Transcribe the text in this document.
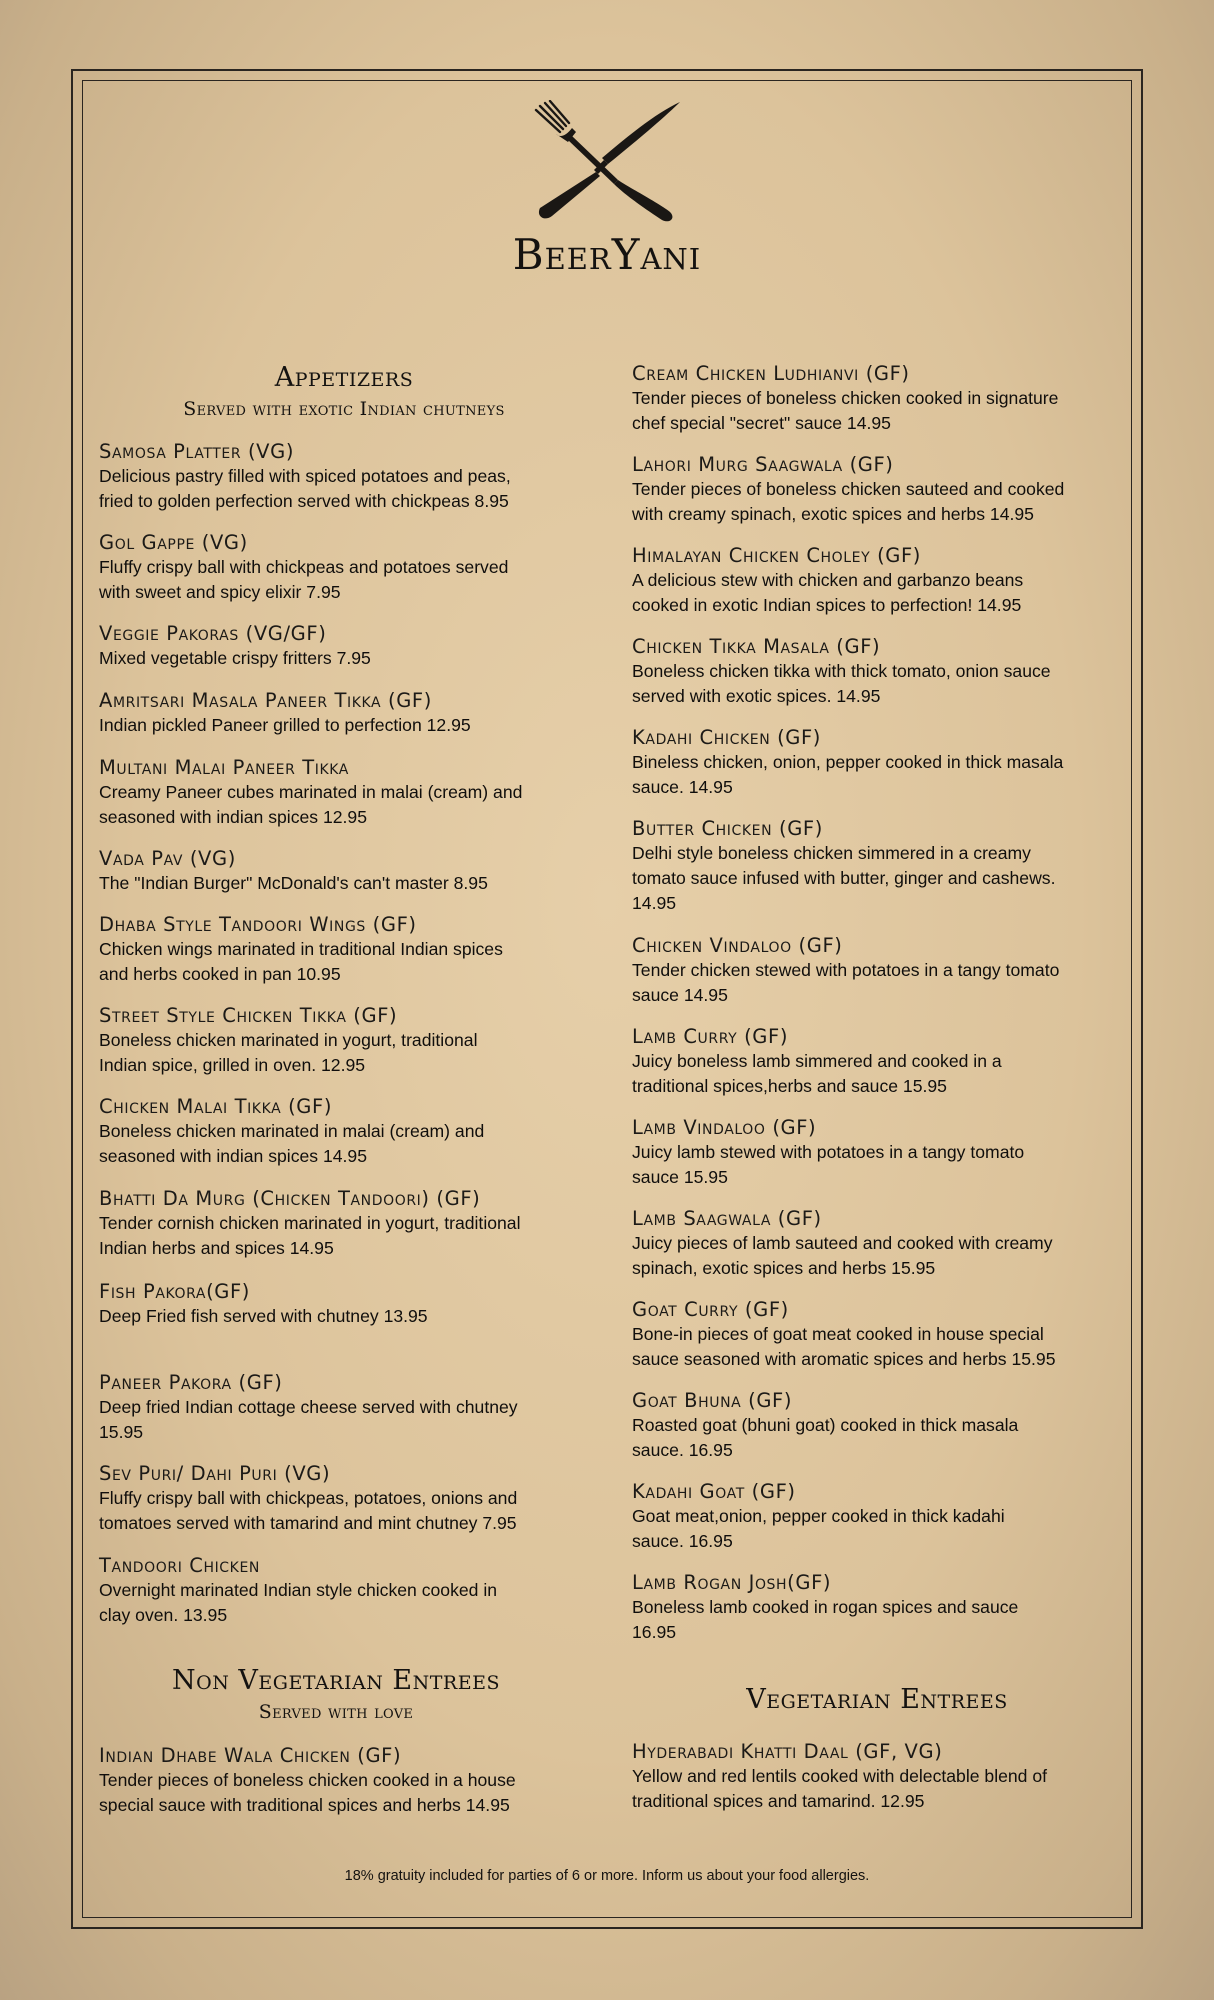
BeerYani
Appetizers
Served with exotic Indian chutneys
Samosa Platter (VG)
Delicious pastry filled with spiced potatoes and peas,
fried to golden perfection served with chickpeas 8.95
Gol Gappe (VG)
Fluffy crispy ball with chickpeas and potatoes served
with sweet and spicy elixir 7.95
Veggie Pakoras (VG/GF)
Mixed vegetable crispy fritters 7.95
Amritsari Masala Paneer Tikka (GF)
Indian pickled Paneer grilled to perfection 12.95
Multani Malai Paneer Tikka
Creamy Paneer cubes marinated in malai (cream) and
seasoned with indian spices 12.95
Vada Pav (VG)
The "Indian Burger" McDonald's can't master 8.95
Dhaba Style Tandoori Wings (GF)
Chicken wings marinated in traditional Indian spices
and herbs cooked in pan 10.95
Street Style Chicken Tikka (GF)
Boneless chicken marinated in yogurt, traditional
Indian spice, grilled in oven. 12.95
Chicken Malai Tikka (GF)
Boneless chicken marinated in malai (cream) and
seasoned with indian spices 14.95
Bhatti Da Murg (Chicken Tandoori) (GF)
Tender cornish chicken marinated in yogurt, traditional
Indian herbs and spices 14.95
Fish Pakora(GF)
Deep Fried fish served with chutney 13.95
Paneer Pakora (GF)
Deep fried Indian cottage cheese served with chutney
15.95
Sev Puri/ Dahi Puri (VG)
Fluffy crispy ball with chickpeas, potatoes, onions and
tomatoes served with tamarind and mint chutney 7.95
Tandoori Chicken
Overnight marinated Indian style chicken cooked in
clay oven. 13.95
Non Vegetarian Entrees
Served with love
Indian Dhabe Wala Chicken (GF)
Tender pieces of boneless chicken cooked in a house
special sauce with traditional spices and herbs 14.95
Cream Chicken Ludhianvi (GF)
Tender pieces of boneless chicken cooked in signature
chef special "secret" sauce 14.95
Lahori Murg Saagwala (GF)
Tender pieces of boneless chicken sauteed and cooked
with creamy spinach, exotic spices and herbs 14.95
Himalayan Chicken Choley (GF)
A delicious stew with chicken and garbanzo beans
cooked in exotic Indian spices to perfection! 14.95
Chicken Tikka Masala (GF)
Boneless chicken tikka with thick tomato, onion sauce
served with exotic spices. 14.95
Kadahi Chicken (GF)
Bineless chicken, onion, pepper cooked in thick masala
sauce. 14.95
Butter Chicken (GF)
Delhi style boneless chicken simmered in a creamy
tomato sauce infused with butter, ginger and cashews.
14.95
Chicken Vindaloo (GF)
Tender chicken stewed with potatoes in a tangy tomato
sauce 14.95
Lamb Curry (GF)
Juicy boneless lamb simmered and cooked in a
traditional spices,herbs and sauce 15.95
Lamb Vindaloo (GF)
Juicy lamb stewed with potatoes in a tangy tomato
sauce 15.95
Lamb Saagwala (GF)
Juicy pieces of lamb sauteed and cooked with creamy
spinach, exotic spices and herbs 15.95
Goat Curry (GF)
Bone-in pieces of goat meat cooked in house special
sauce seasoned with aromatic spices and herbs 15.95
Goat Bhuna (GF)
Roasted goat (bhuni goat) cooked in thick masala
sauce. 16.95
Kadahi Goat (GF)
Goat meat,onion, pepper cooked in thick kadahi
sauce. 16.95
Lamb Rogan Josh(GF)
Boneless lamb cooked in rogan spices and sauce
16.95
Vegetarian Entrees
Hyderabadi Khatti Daal (GF, VG)
Yellow and red lentils cooked with delectable blend of
traditional spices and tamarind. 12.95
18% gratuity included for parties of 6 or more. Inform us about your food allergies.
